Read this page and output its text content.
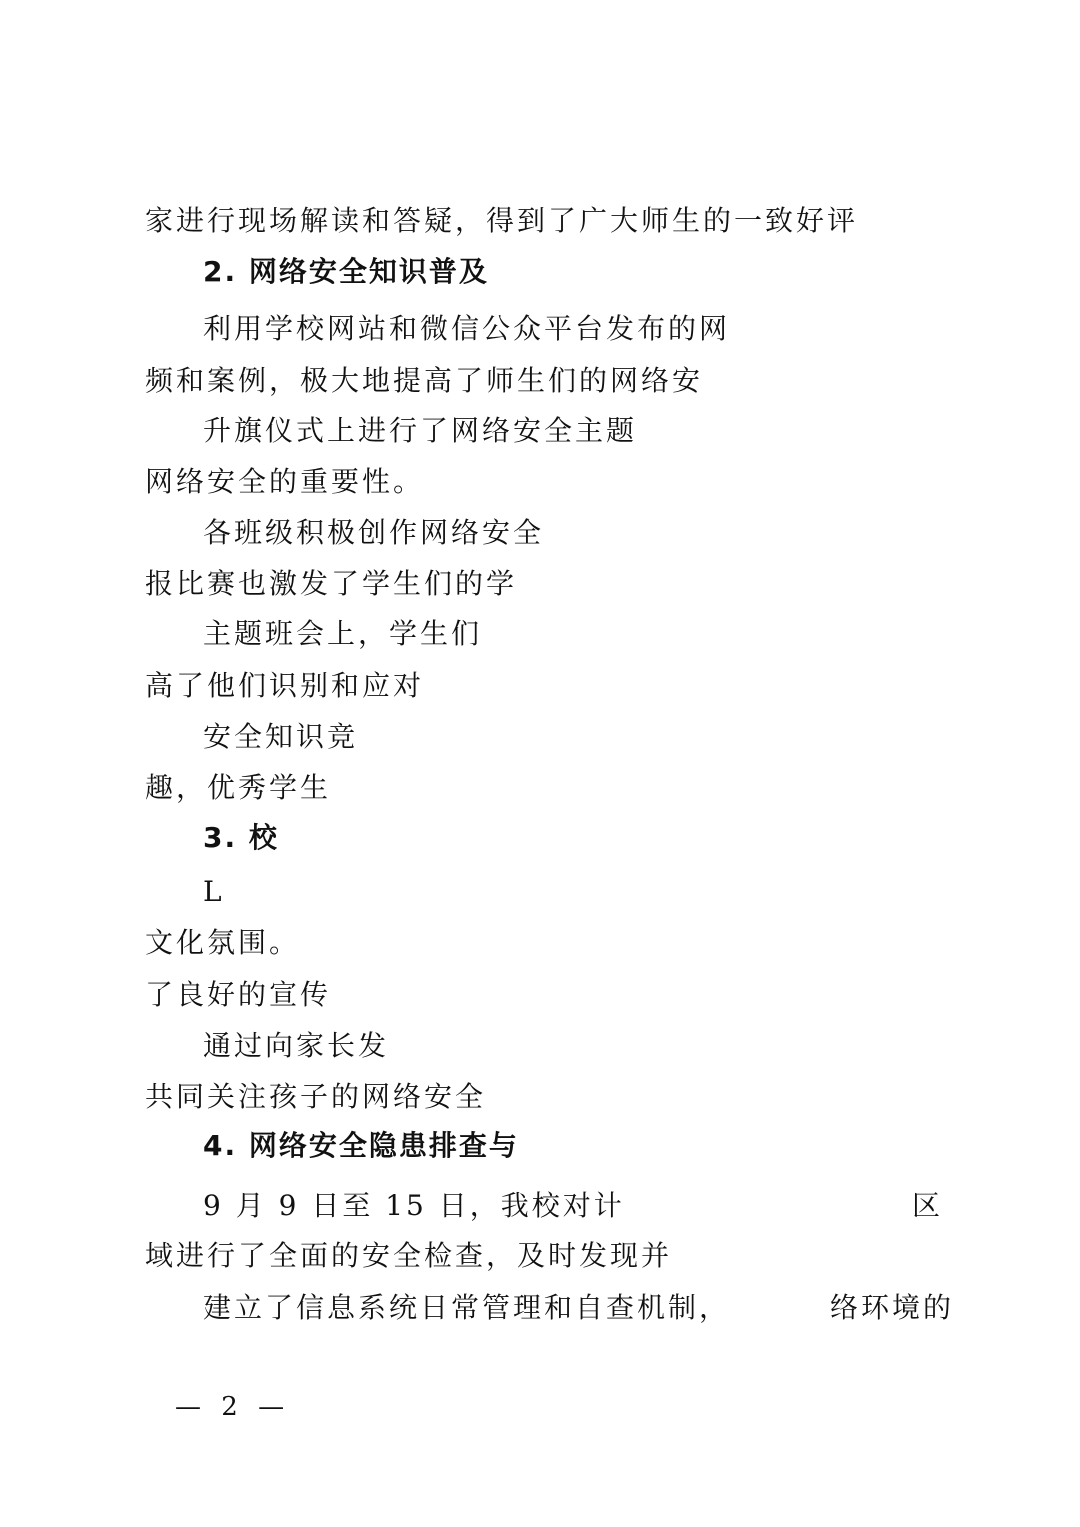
家进行现场解读和答疑，得到了广大师生的一致好评
2. 网络安全知识普及
利用学校网站和微信公众平台发布的网
频和案例，极大地提高了师生们的网络安
升旗仪式上进行了网络安全主题
网络安全的重要性。
各班级积极创作网络安全
报比赛也激发了学生们的学
主题班会上，学生们
高了他们识别和应对
安全知识竞
趣，优秀学生
3. 校
L
文化氛围。
了良好的宣传
通过向家长发
共同关注孩子的网络安全
4. 网络安全隐患排查与
9 月 9 日至 15 日，我校对计	区
域进行了全面的安全检查，及时发现并
建立了信息系统日常管理和自查机制，	络环境的
— 2 —
